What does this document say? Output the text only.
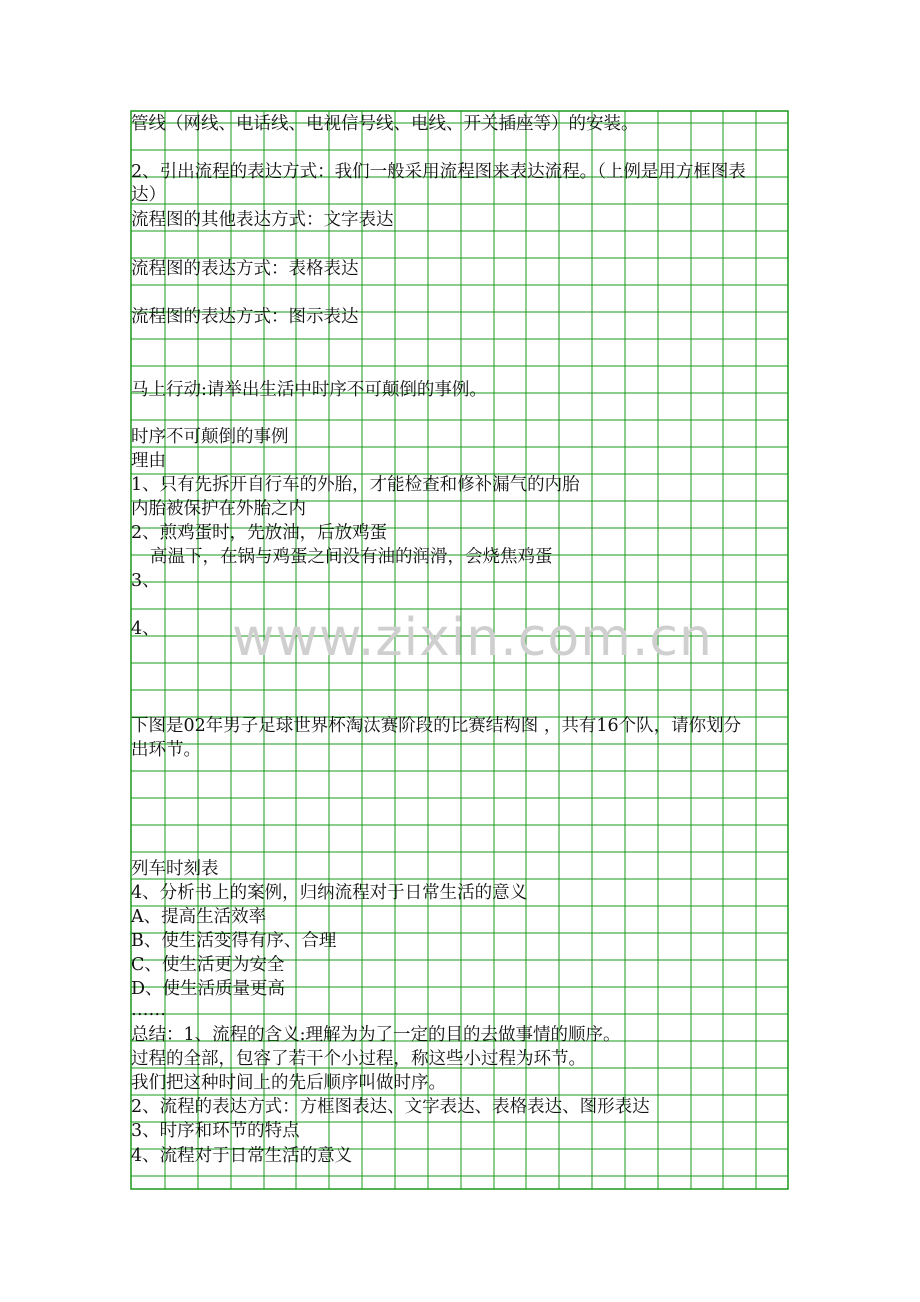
管线（网线、电话线、电视信号线、电线、开关插座等）的安装。
2、引出流程的表达方式：我们一般采用流程图来表达流程。（上例是用方框图表
达）
流程图的其他表达方式：文字表达
流程图的表达方式：表格表达
流程图的表达方式：图示表达
马上行动:请举出生活中时序不可颠倒的事例。
时序不可颠倒的事例
理由
1、只有先拆开自行车的外胎，才能检查和修补漏气的内胎
内胎被保护在外胎之内
2、煎鸡蛋时，先放油，后放鸡蛋
高温下，在锅与鸡蛋之间没有油的润滑，会烧焦鸡蛋
3、
4、
下图是02年男子足球世界杯淘汰赛阶段的比赛结构图 ，共有16个队，请你划分
出环节。
列车时刻表
4、分析书上的案例，归纳流程对于日常生活的意义
A、提高生活效率
B、使生活变得有序、合理
C、使生活更为安全
D、使生活质量更高
……
总结：1、流程的含义:理解为为了一定的目的去做事情的顺序。
过程的全部，包容了若干个小过程，称这些小过程为环节。
我们把这种时间上的先后顺序叫做时序。
2、流程的表达方式：方框图表达、文字表达、表格表达、图形表达
3、时序和环节的特点
4、流程对于日常生活的意义
www.zixin.com.cn
